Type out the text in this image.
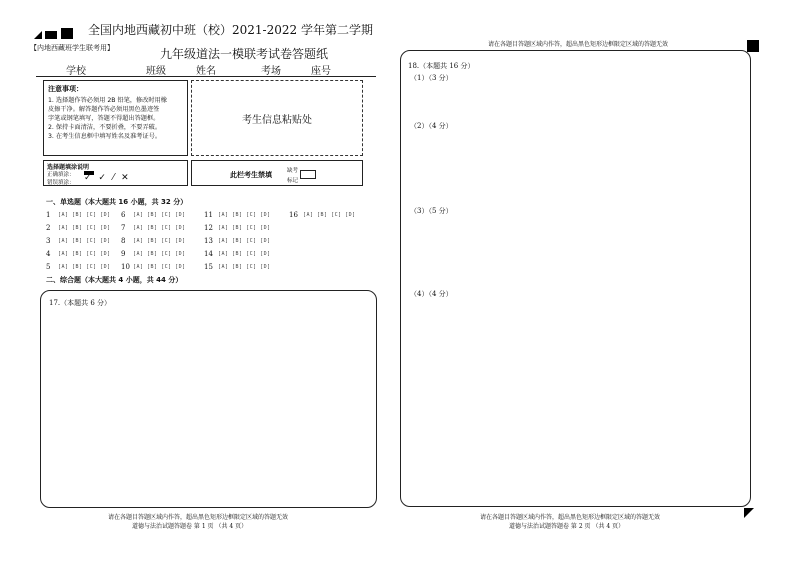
全国内地西藏初中班（校）2021-2022 学年第二学期
【内地西藏班学生联考用】	九年级道法一模联考试卷答题纸
学校	班级	姓名	考场	座号
注意事项：
1. 选择题作答必须用 2B 铅笔，修改时用橡
皮擦干净。解答题作答必须用黑色墨迹签
字笔或钢笔填写，答题不得超出答题框。
2. 保持卡面清洁，不要折叠，不要弄破。
3. 在考生信息框中填写姓名及准考证号。
考生信息粘贴处
选择题填涂说明
正确填涂：
错误填涂： ✓ ✓ ⁄ ✕	此栏考生禁填	缺考
标记
一、单选题（本大题共 16 小题，共 32 分）
1	[A] [B] [C] [D]
2	[A] [B] [C] [D]
3	[A] [B] [C] [D]
4	[A] [B] [C] [D]
5	[A] [B] [C] [D]
6	[A] [B] [C] [D]
7	[A] [B] [C] [D]
8	[A] [B] [C] [D]
9	[A] [B] [C] [D]
10 [A] [B] [C] [D]
11	[A] [B] [C] [D]
12	[A] [B] [C] [D]
13	[A] [B] [C] [D]
14	[A] [B] [C] [D]
15	[A] [B] [C] [D]
16	[A] [B] [C] [D]
二、综合题（本大题共 4 小题，共 44 分）
17.（本题共 6 分）
请在各题目答题区域内作答，超出黑色矩形边框限定区域的答题无效
18.（本题共 16 分）
（1）（3 分）
（2）（4 分）
（3）（5 分）
（4）（4 分）
请在各题目答题区域内作答，超出黑色矩形边框限定区域的答题无效
道德与法治试题答题卷 第 1 页 （共 4 页）
请在各题目答题区域内作答，超出黑色矩形边框限定区域的答题无效
道德与法治试题答题卷 第 2 页 （共 4 页）
